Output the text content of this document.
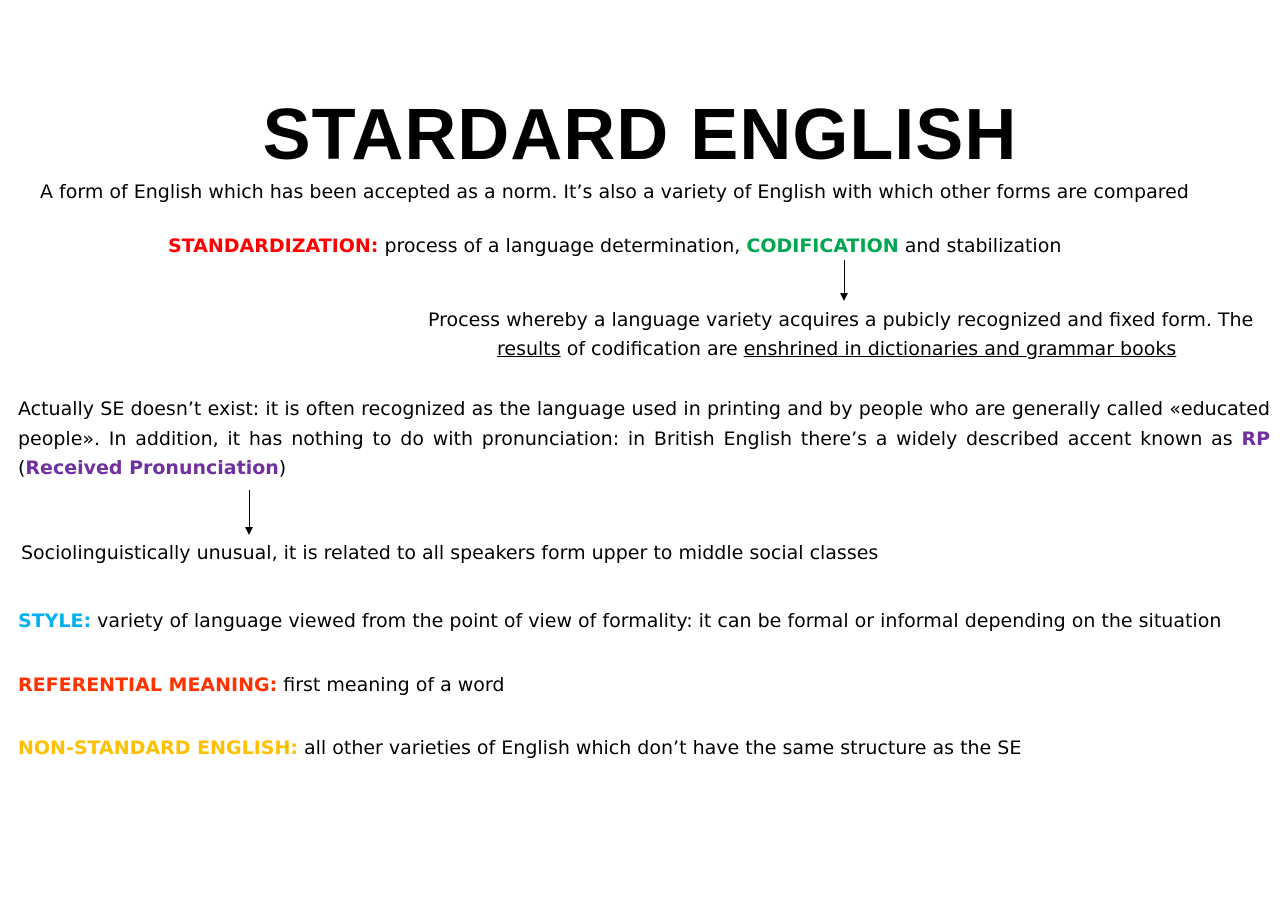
STARDARD ENGLISH
A form of English which has been accepted as a norm. It’s also a variety of English with which other forms are compared
STANDARDIZATION: process of a language determination, CODIFICATION and stabilization
Process whereby a language variety acquires a pubicly recognized and fixed form. The
results of codification are enshrined in dictionaries and grammar books
Actually SE doesn’t exist: it is often recognized as the language used in printing and by people who are generally called «educated people». In addition, it has nothing to do with pronunciation: in British English there’s a widely described accent known as RP (Received Pronunciation)
Sociolinguistically unusual, it is related to all speakers form upper to middle social classes
STYLE: variety of language viewed from the point of view of formality: it can be formal or informal depending on the situation
REFERENTIAL MEANING: first meaning of a word
NON-STANDARD ENGLISH: all other varieties of English which don’t have the same structure as the SE
